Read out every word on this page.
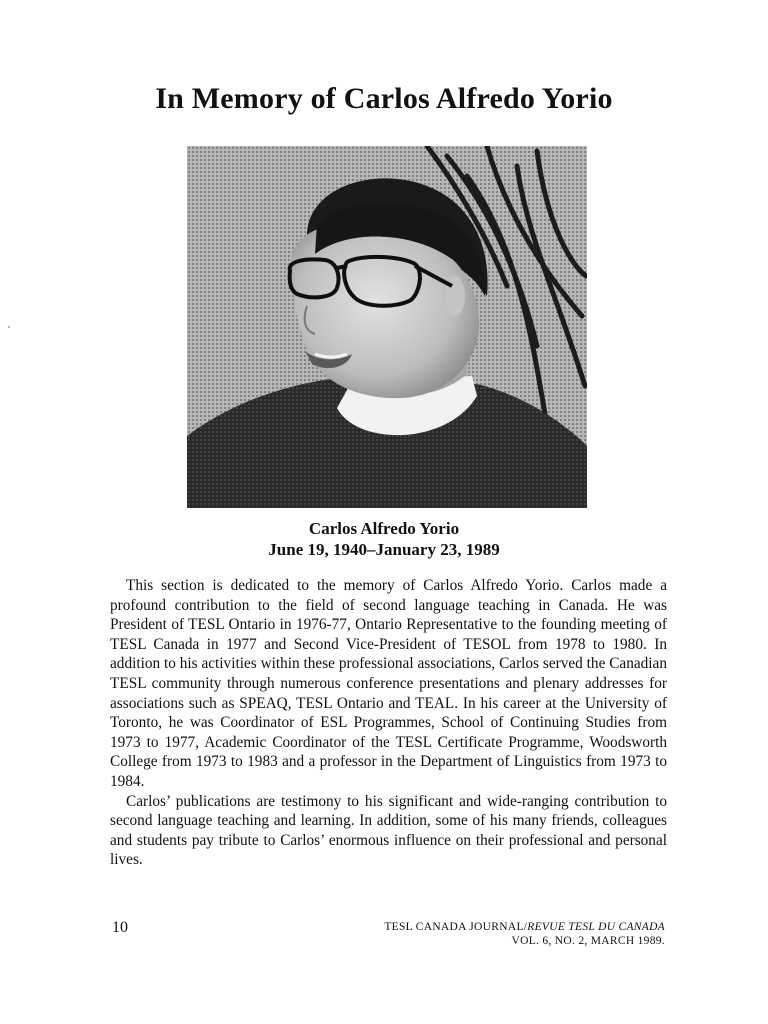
In Memory of Carlos Alfredo Yorio
Carlos Alfredo Yorio
June 19, 1940–January 23, 1989

This section is dedicated to the memory of Carlos Alfredo Yorio. Carlos made a profound contribution to the field of second language teaching in Canada. He was President of TESL Ontario in 1976-77, Ontario Representative to the founding meeting of TESL Canada in 1977 and Second Vice-President of TESOL from 1978 to 1980. In addition to his activities within these professional associations, Carlos served the Canadian TESL community through numerous conference presentations and plenary addresses for associations such as SPEAQ, TESL Ontario and TEAL. In his career at the University of Toronto, he was Coordinator of ESL Programmes, School of Continuing Studies from 1973 to 1977, Academic Coordinator of the TESL Certificate Programme, Woodsworth College from 1973 to 1983 and a professor in the Department of Linguistics from 1973 to 1984.

Carlos’ publications are testimony to his significant and wide-ranging contribution to second language teaching and learning. In addition, some of his many friends, colleagues and students pay tribute to Carlos’ enormous influence on their professional and personal lives.

10	TESL CANADA JOURNAL/REVUE TESL DU CANADA
VOL. 6, NO. 2, MARCH 1989.
